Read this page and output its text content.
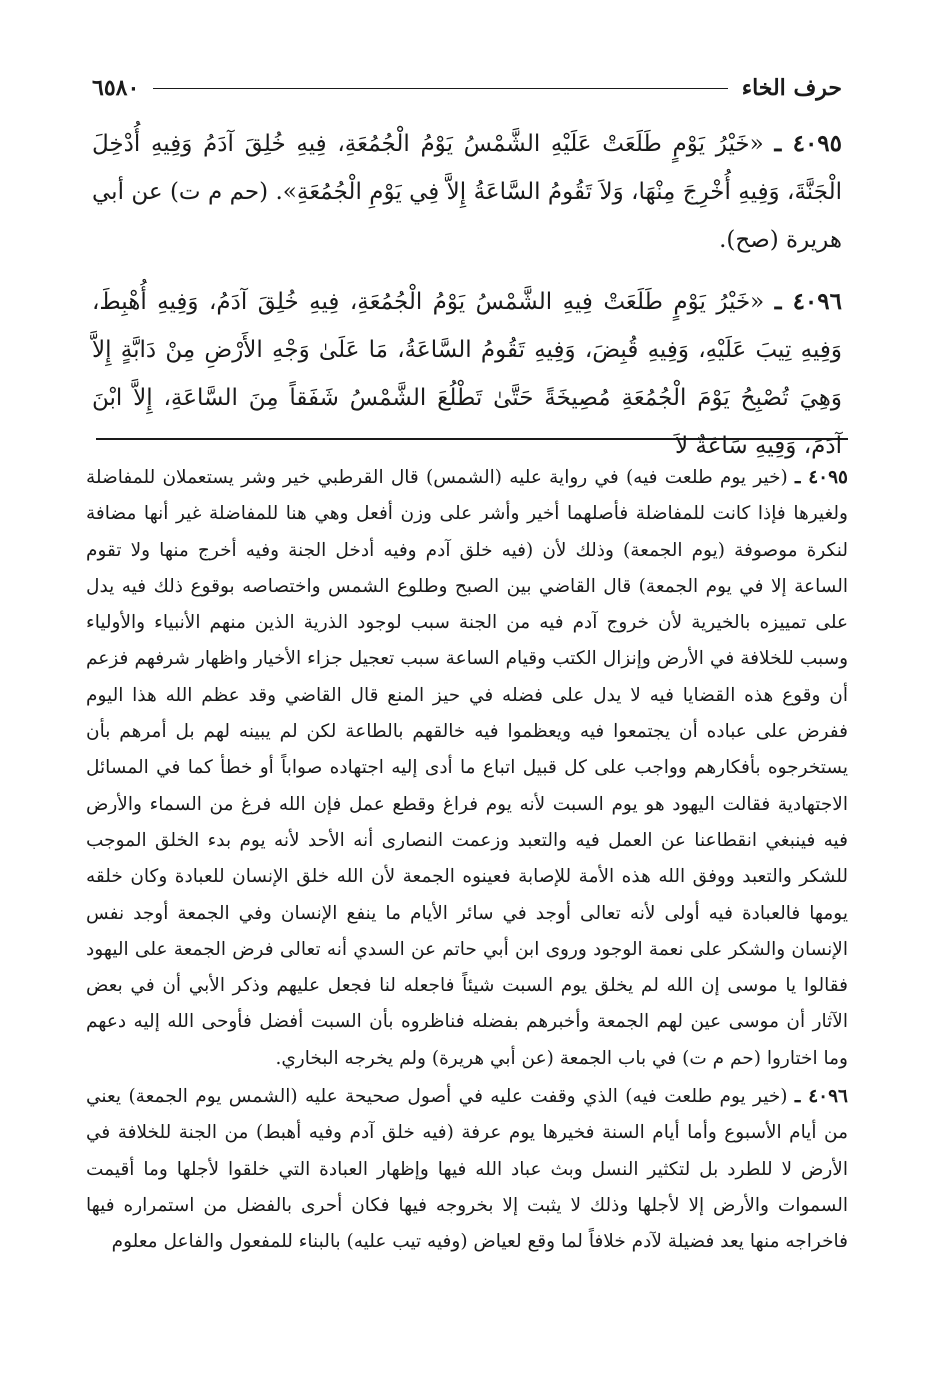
حرف الخاء
٦٥٨٠

٤٠٩٥ ـ «خَيْرُ يَوْمٍ طَلَعَتْ عَلَيْهِ الشَّمْسُ يَوْمُ الْجُمُعَةِ، فِيهِ خُلِقَ آدَمُ وَفِيهِ أُدْخِلَ الْجَنَّةَ، وَفِيهِ أُخْرِجَ مِنْهَا، وَلاَ تَقُومُ السَّاعَةُ إِلاَّ فِي يَوْمِ الْجُمُعَةِ». (حم م ت) عن أبي هريرة (صح).

٤٠٩٦ ـ «خَيْرُ يَوْمٍ طَلَعَتْ فِيهِ الشَّمْسُ يَوْمُ الْجُمُعَةِ، فِيهِ خُلِقَ آدَمُ، وَفِيهِ أُهْبِطَ، وَفِيهِ تِيبَ عَلَيْهِ، وَفِيهِ قُبِضَ، وَفِيهِ تَقُومُ السَّاعَةُ، مَا عَلَىٰ وَجْهِ الأَرْضِ مِنْ دَابَّةٍ إِلاَّ وَهِيَ تُصْبِحُ يَوْمَ الْجُمُعَةِ مُصِيخَةً حَتَّىٰ تَطْلُعَ الشَّمْسُ شَفَقاً مِنَ السَّاعَةِ، إِلاَّ ابْنَ آدَمَ، وَفِيهِ سَاعَةٌ لاَ

٤٠٩٥ ـ (خير يوم طلعت فيه) في رواية عليه (الشمس) قال القرطبي خير وشر يستعملان للمفاضلة ولغيرها فإذا كانت للمفاضلة فأصلهما أخير وأشر على وزن أفعل وهي هنا للمفاضلة غير أنها مضافة لنكرة موصوفة (يوم الجمعة) وذلك لأن (فيه خلق آدم وفيه أدخل الجنة وفيه أخرج منها ولا تقوم الساعة إلا في يوم الجمعة) قال القاضي بين الصبح وطلوع الشمس واختصاصه بوقوع ذلك فيه يدل على تمييزه بالخيرية لأن خروج آدم فيه من الجنة سبب لوجود الذرية الذين منهم الأنبياء والأولياء وسبب للخلافة في الأرض وإنزال الكتب وقيام الساعة سبب تعجيل جزاء الأخيار واظهار شرفهم فزعم أن وقوع هذه القضايا فيه لا يدل على فضله في حيز المنع قال القاضي وقد عظم الله هذا اليوم ففرض على عباده أن يجتمعوا فيه ويعظموا فيه خالقهم بالطاعة لكن لم يبينه لهم بل أمرهم بأن يستخرجوه بأفكارهم وواجب على كل قبيل اتباع ما أدى إليه اجتهاده صواباً أو خطأ كما في المسائل الاجتهادية فقالت اليهود هو يوم السبت لأنه يوم فراغ وقطع عمل فإن الله فرغ من السماء والأرض فيه فينبغي انقطاعنا عن العمل فيه والتعبد وزعمت النصارى أنه الأحد لأنه يوم بدء الخلق الموجب للشكر والتعبد ووفق الله هذه الأمة للإصابة فعينوه الجمعة لأن الله خلق الإنسان للعبادة وكان خلقه يومها فالعبادة فيه أولى لأنه تعالى أوجد في سائر الأيام ما ينفع الإنسان وفي الجمعة أوجد نفس الإنسان والشكر على نعمة الوجود وروى ابن أبي حاتم عن السدي أنه تعالى فرض الجمعة على اليهود فقالوا يا موسى إن الله لم يخلق يوم السبت شيئاً فاجعله لنا فجعل عليهم وذكر الأبي أن في بعض الآثار أن موسى عين لهم الجمعة وأخبرهم بفضله فناظروه بأن السبت أفضل فأوحى الله إليه دعهم وما اختاروا (حم م ت) في باب الجمعة (عن أبي هريرة) ولم يخرجه البخاري.

٤٠٩٦ ـ (خير يوم طلعت فيه) الذي وقفت عليه في أصول صحيحة عليه (الشمس يوم الجمعة) يعني من أيام الأسبوع وأما أيام السنة فخيرها يوم عرفة (فيه خلق آدم وفيه أهبط) من الجنة للخلافة في الأرض لا للطرد بل لتكثير النسل وبث عباد الله فيها وإظهار العبادة التي خلقوا لأجلها وما أقيمت السموات والأرض إلا لأجلها وذلك لا يثبت إلا بخروجه فيها فكان أحرى بالفضل من استمراره فيها فاخراجه منها يعد فضيلة لآدم خلافاً لما وقع لعياض (وفيه تيب عليه) بالبناء للمفعول والفاعل معلوم
